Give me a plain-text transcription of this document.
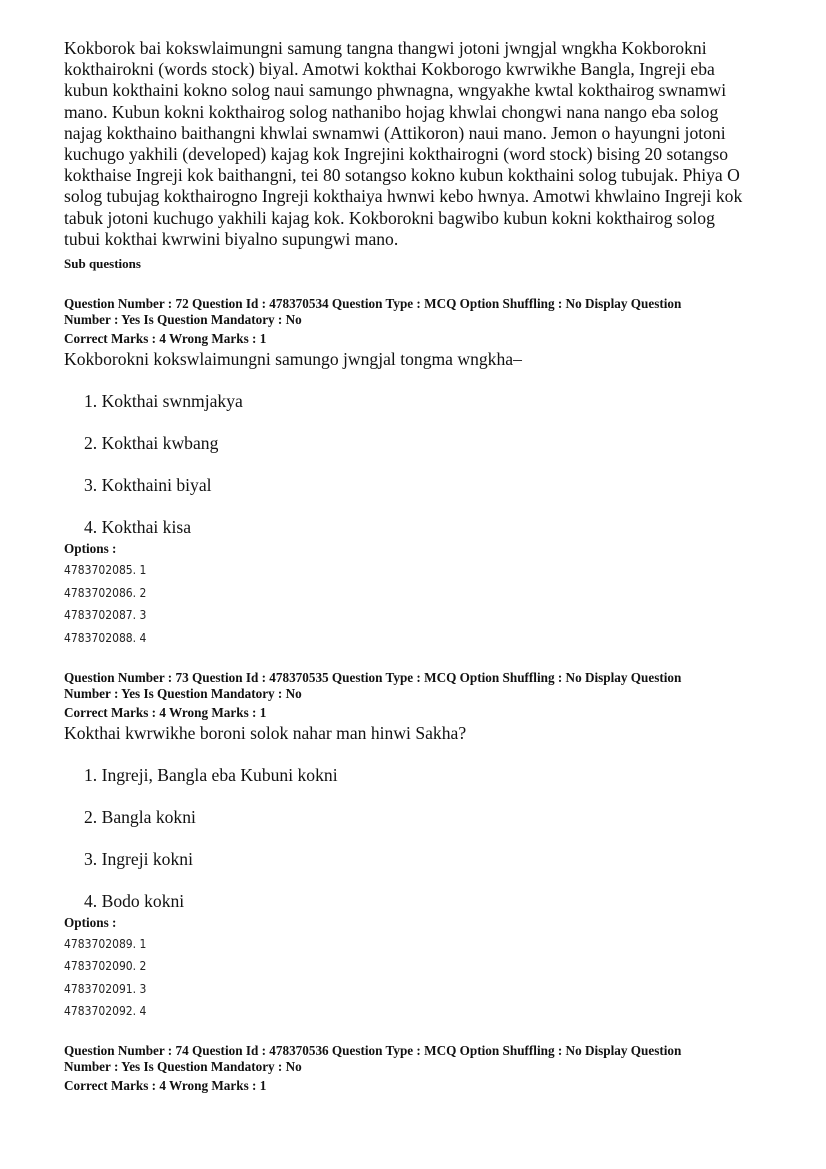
Kokborok bai kokswlaimungni samung tangna thangwi jotoni jwngjal wngkha Kokborokni
kokthairokni (words stock) biyal. Amotwi kokthai Kokborogo kwrwikhe Bangla, Ingreji eba
kubun kokthaini kokno solog naui samungo phwnagna, wngyakhe kwtal kokthairog swnamwi
mano. Kubun kokni kokthairog solog nathanibo hojag khwlai chongwi nana nango eba solog
najag kokthaino baithangni khwlai swnamwi (Attikoron) naui mano. Jemon o hayungni jotoni
kuchugo yakhili (developed) kajag kok Ingrejini kokthairogni (word stock) bising 20 sotangso
kokthaise Ingreji kok baithangni, tei 80 sotangso kokno kubun kokthaini solog tubujak. Phiya O
solog tubujag kokthairogno Ingreji kokthaiya hwnwi kebo hwnya. Amotwi khwlaino Ingreji kok
tabuk jotoni kuchugo yakhili kajag kok. Kokborokni bagwibo kubun kokni kokthairog solog
tubui kokthai kwrwini biyalno supungwi mano.
Sub questions
Question Number : 72 Question Id : 478370534 Question Type : MCQ Option Shuffling : No Display Question
Number : Yes Is Question Mandatory : No
Correct Marks : 4 Wrong Marks : 1
Kokborokni kokswlaimungni samungo jwngjal tongma wngkha–
1. Kokthai swnmjakya
2. Kokthai kwbang
3. Kokthaini biyal
4. Kokthai kisa
Options :
4783702085. 1
4783702086. 2
4783702087. 3
4783702088. 4
Question Number : 73 Question Id : 478370535 Question Type : MCQ Option Shuffling : No Display Question
Number : Yes Is Question Mandatory : No
Correct Marks : 4 Wrong Marks : 1
Kokthai kwrwikhe boroni solok nahar man hinwi Sakha?
1. Ingreji, Bangla eba Kubuni kokni
2. Bangla kokni
3. Ingreji kokni
4. Bodo kokni
Options :
4783702089. 1
4783702090. 2
4783702091. 3
4783702092. 4
Question Number : 74 Question Id : 478370536 Question Type : MCQ Option Shuffling : No Display Question
Number : Yes Is Question Mandatory : No
Correct Marks : 4 Wrong Marks : 1
